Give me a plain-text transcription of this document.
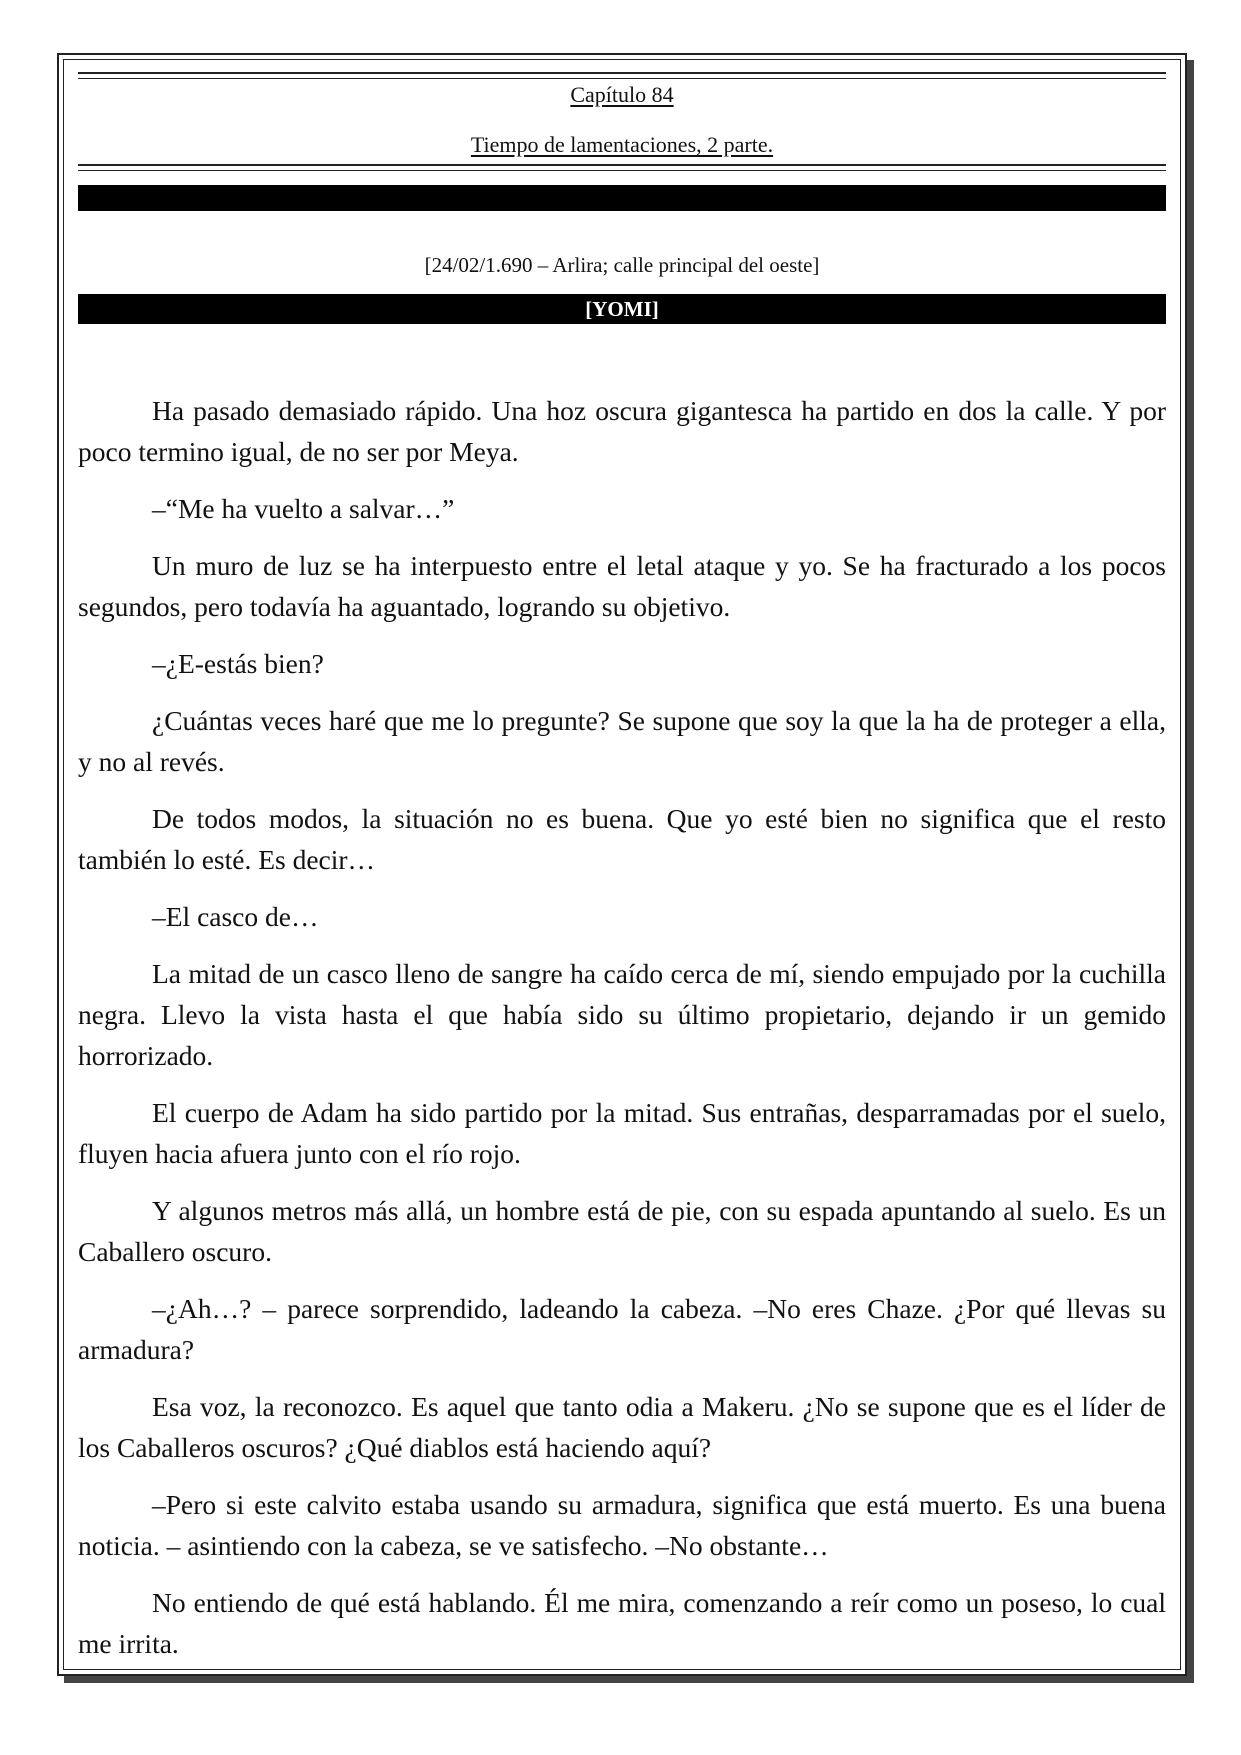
Capítulo 84
Tiempo de lamentaciones, 2 parte.
[24/02/1.690 – Arlira; calle principal del oeste]
[YOMI]

Ha pasado demasiado rápido. Una hoz oscura gigantesca ha partido en dos la calle. Y por poco termino igual, de no ser por Meya.

–“Me ha vuelto a salvar…”

Un muro de luz se ha interpuesto entre el letal ataque y yo. Se ha fracturado a los pocos segundos, pero todavía ha aguantado, logrando su objetivo.

–¿E-estás bien?

¿Cuántas veces haré que me lo pregunte? Se supone que soy la que la ha de proteger a ella, y no al revés.

De todos modos, la situación no es buena. Que yo esté bien no significa que el resto también lo esté. Es decir…

–El casco de…

La mitad de un casco lleno de sangre ha caído cerca de mí, siendo empujado por la cuchilla negra. Llevo la vista hasta el que había sido su último propietario, dejando ir un gemido horrorizado.

El cuerpo de Adam ha sido partido por la mitad. Sus entrañas, desparramadas por el suelo, fluyen hacia afuera junto con el río rojo.

Y algunos metros más allá, un hombre está de pie, con su espada apuntando al suelo. Es un Caballero oscuro.

–¿Ah…? – parece sorprendido, ladeando la cabeza. –No eres Chaze. ¿Por qué llevas su armadura?

Esa voz, la reconozco. Es aquel que tanto odia a Makeru. ¿No se supone que es el líder de los Caballeros oscuros? ¿Qué diablos está haciendo aquí?

–Pero si este calvito estaba usando su armadura, significa que está muerto. Es una buena noticia. – asintiendo con la cabeza, se ve satisfecho. –No obstante…

No entiendo de qué está hablando. Él me mira, comenzando a reír como un poseso, lo cual me irrita.
